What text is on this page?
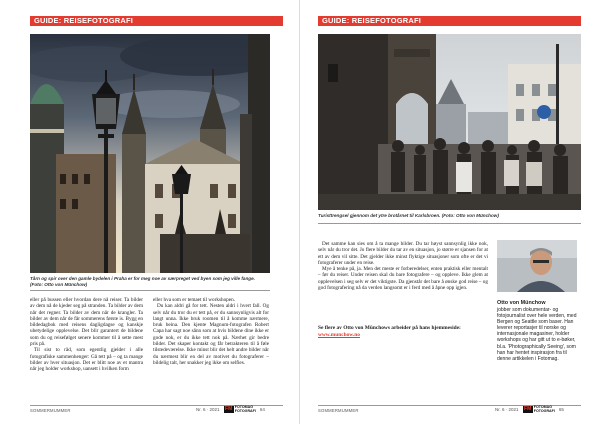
GUIDE: REISEFOTOGRAFI
Tårn og spir over den gamle bydelen i Praha er for meg noe av særpreget ved byen som jeg ville fange. (Foto: Otto von Münchow)

eller på bussen eller hvordan dere nå reiser. Ta bilder av dem nå de kjeder seg på stranden. Ta bilder av dem når det regner. Ta bilder av dem når de krangler. Ta bilder av dem når de får sommerens første is. Bygg en bildedagbok med reisens dagligdagse og kanskje ubetydelige opplevelse. Det blir garantert de bildene som du og reisefølget senere kommer til å sette mest pris på.

Til sist to råd, som egentlig gjelder i alle fotografiske sammenhenger: Gå tett på – og ta mange bilder av hver situasjon. Det er blitt noe av et mantra når jeg holder workshop, uansett i hvilken form

eller hva som er temaet til workshopen.

Du kan aldri gå for tett. Nesten aldri i hvert fall. Og selv når du tror du er tett på, er du sannsynligvis alt for langt unna. Ikke bruk roomen til å komme nærmere, bruk beina. Den kjente Magnum-fotografen Robert Capa har sagt noe sånn som at hvis bildene dine ikke er gode nok, er du ikke tett nok på. Nærhet gir bedre bilder. Det skaper kontakt og får betrakteren til å føle tilstedeværelse. Ikke minst blir det helt andre bilder når du nærmest blir en del av motivet du fotograferer – bildelig talt, her snakker jeg ikke om selfies.

SOMMERMUMMER	Nr. 6 · 2021	FM FOTOMAG
FOTOGRAFI 64
GUIDE: REISEFOTOGRAFI
Turisttrengsel gjennom det ytre brotårnet til Karlsbroen. (Foto: Otto von Münchow)

Det samme kan sies om å ta mange bilder. Du tar høyst sannsynlig ikke nok, selv når du tror det. Jo flere bilder du tar av en situasjon, jo større er sjansen for at ett av dem vil sitte. Det gjelder ikke minst flyktige situasjoner som ofte er det vi fotograferer under en reise.

Mye å tenke på, ja. Men det meste er forberedelser, enten praktisk eller mentalt – før du reiser. Under reisen skal du bare fotografere – og oppleve. Ikke glem at opplevelsen i seg selv er det viktigste. Da gjenstår det bare å ønske god reise – og god fotografering nå da verden langsomt er i ferd med å åpne opp igjen.

Se flere av Otto von Münchows arbeider på hans hjemmeside:
www.munchow.no
Otto von Münchow
jobber som dokumentar- og fotojournalist over hele verden, med Bergen og Seattle som baser. Han leverer reportasjer til norske og internasjonale magasiner, holder workshops og har gitt ut to e-bøker, bl.a. 'Photographically Seeing', som han har hentet inspirasjon fra til denne artikkelen i Fotomag.
SOMMERMUMMER	Nr. 6 · 2021	FM FOTOMAG
FOTOGRAFI 65
